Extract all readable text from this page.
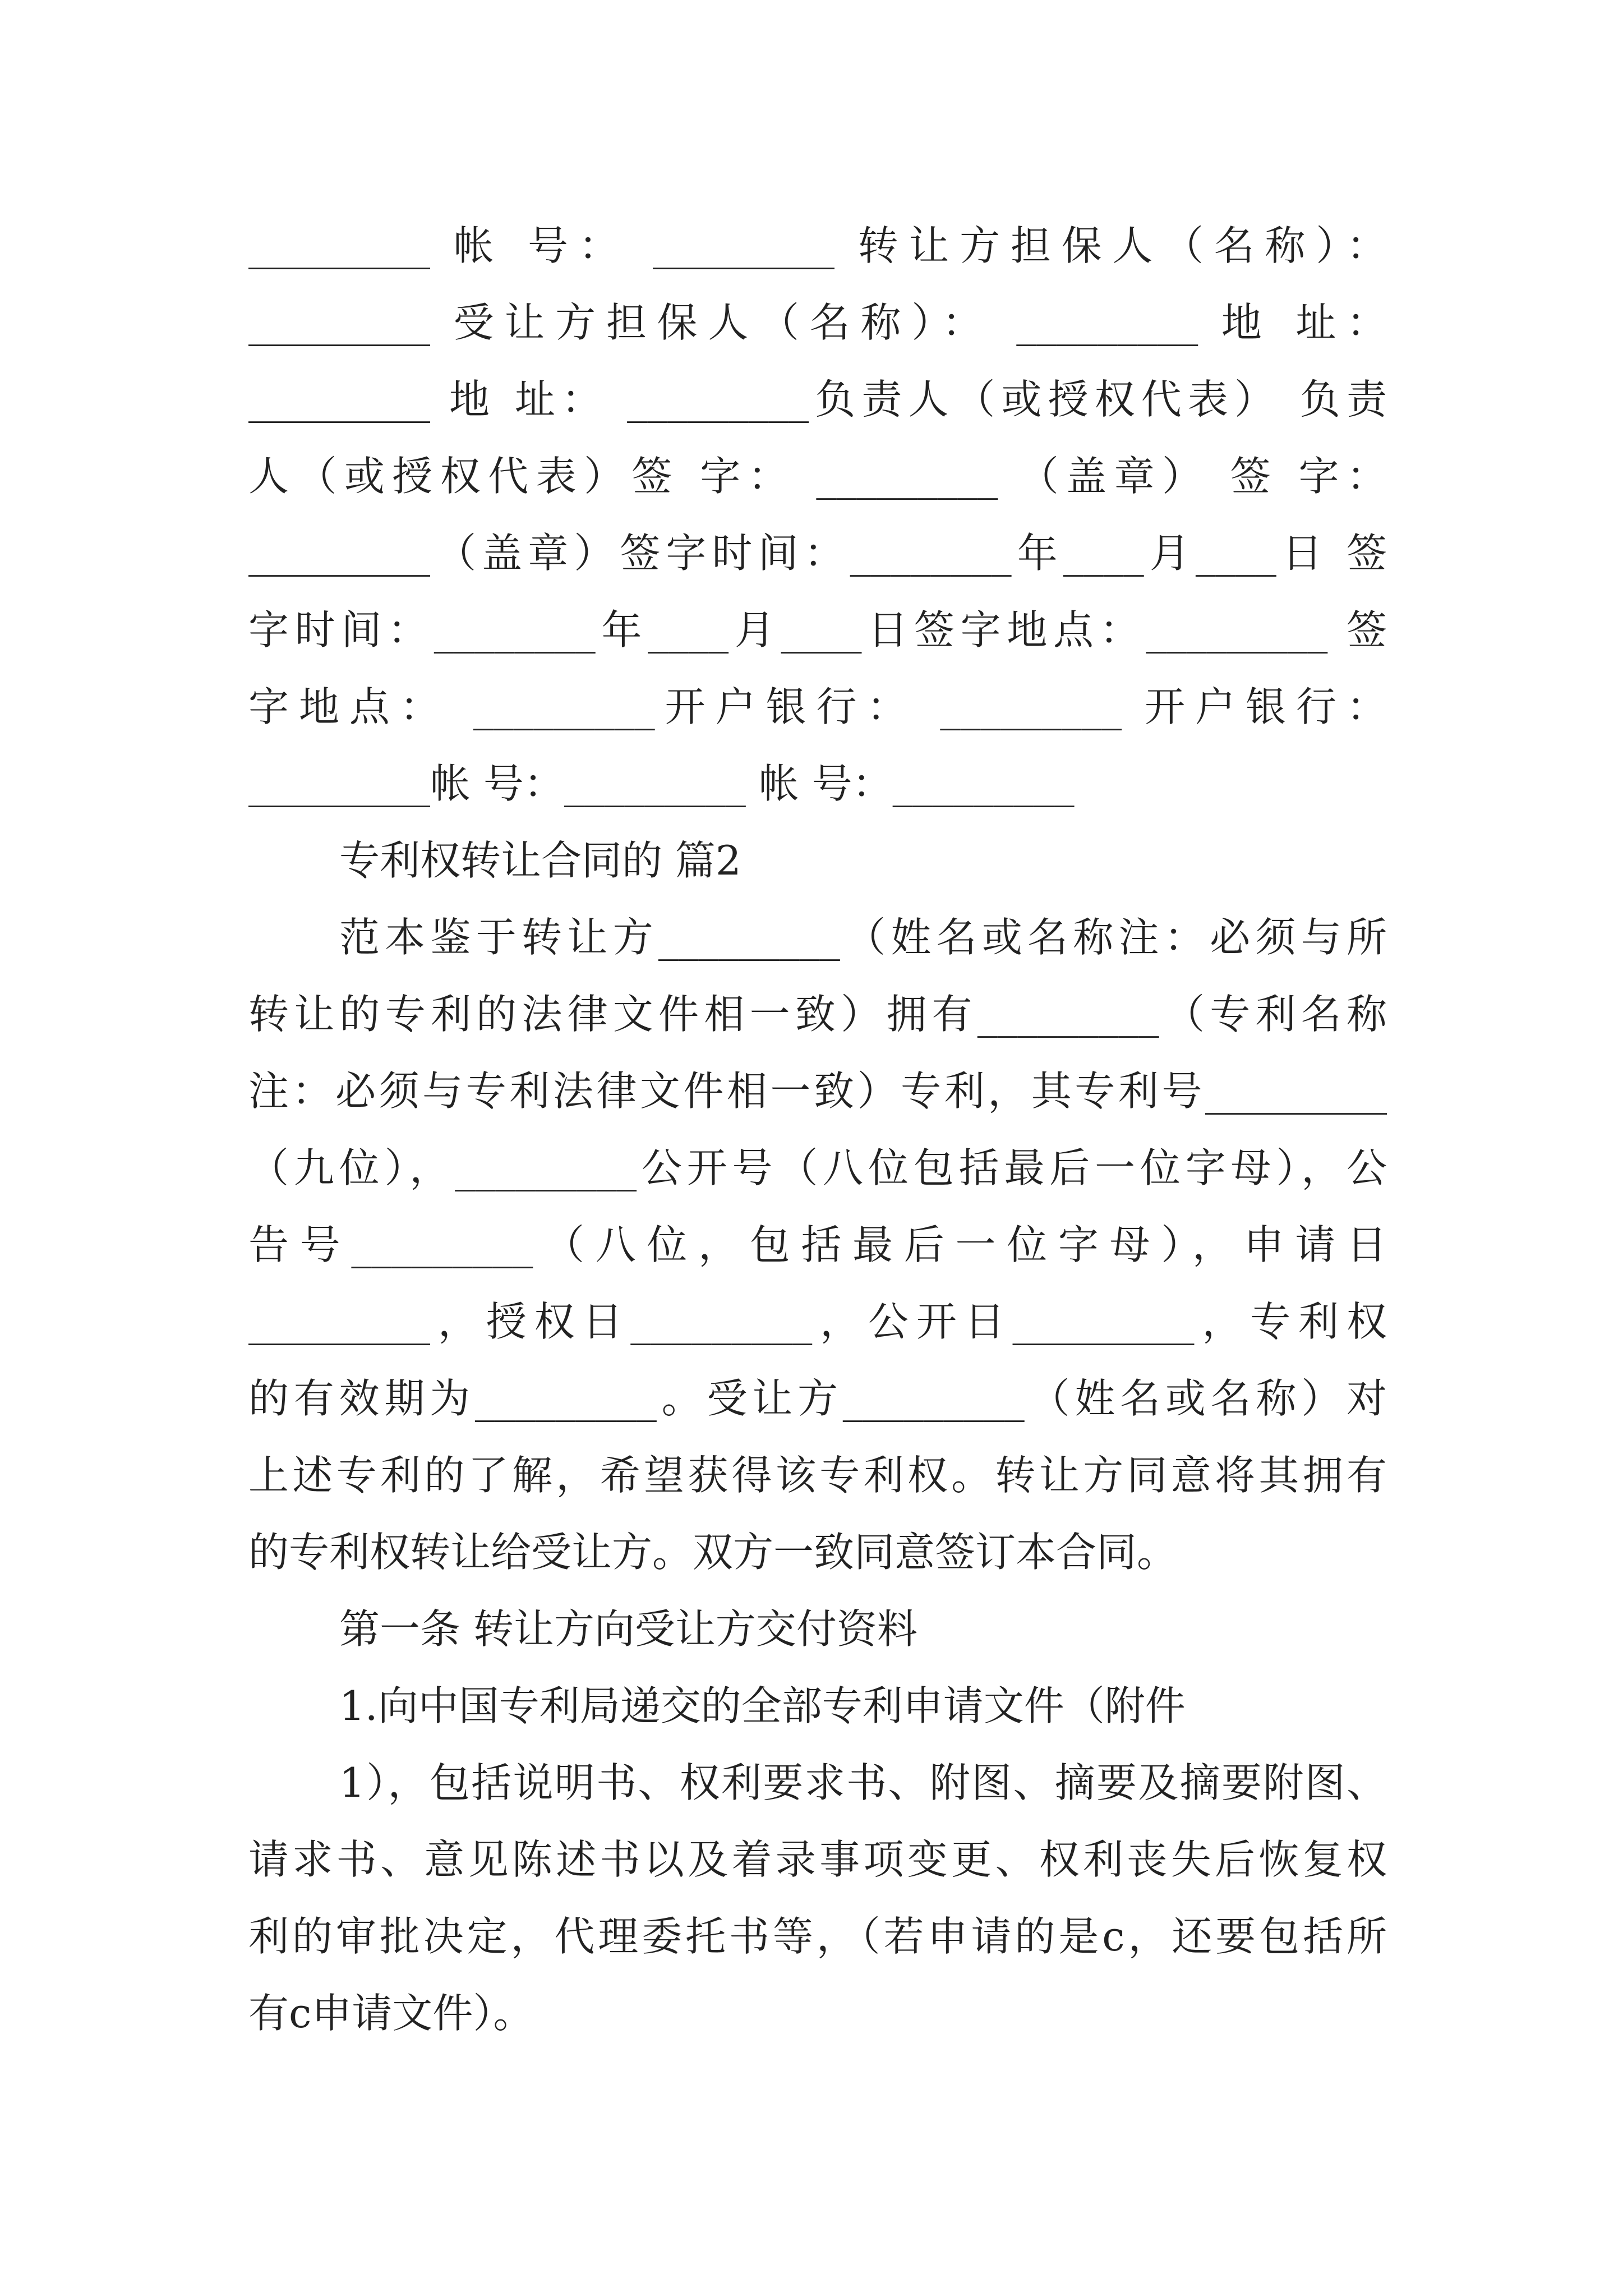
_________ 帐 号： _________ 转让方担保人（名称）：
_________ 受让方担保人（名称）： _________ 地 址：
_________ 地 址： _________负责人（或授权代表） 负责
人（或授权代表）签 字： _________ （盖章） 签 字：
_________（盖章）签字时间：________年____月____日 签
字时间：________年____月____日签字地点：_________ 签
字地点： _________开户银行： _________ 开户银行：
_________帐 号：_________ 帐 号：_________
专利权转让合同的 篇2
范本鉴于转让方_________（姓名或名称注：必须与所
转让的专利的法律文件相一致）拥有_________（专利名称
注：必须与专利法律文件相一致）专利，其专利号_________
（九位），_________公开号（八位包括最后一位字母），公
告号_________（八位，包括最后一位字母），申请日
_________，授权日_________，公开日_________，专利权
的有效期为_________。受让方_________（姓名或名称）对
上述专利的了解，希望获得该专利权。转让方同意将其拥有
的专利权转让给受让方。双方一致同意签订本合同。
第一条 转让方向受让方交付资料
1.向中国专利局递交的全部专利申请文件（附件
1），包括说明书、权利要求书、附图、摘要及摘要附图、
请求书、意见陈述书以及着录事项变更、权利丧失后恢复权
利的审批决定，代理委托书等，（若申请的是c，还要包括所
有c申请文件）。
